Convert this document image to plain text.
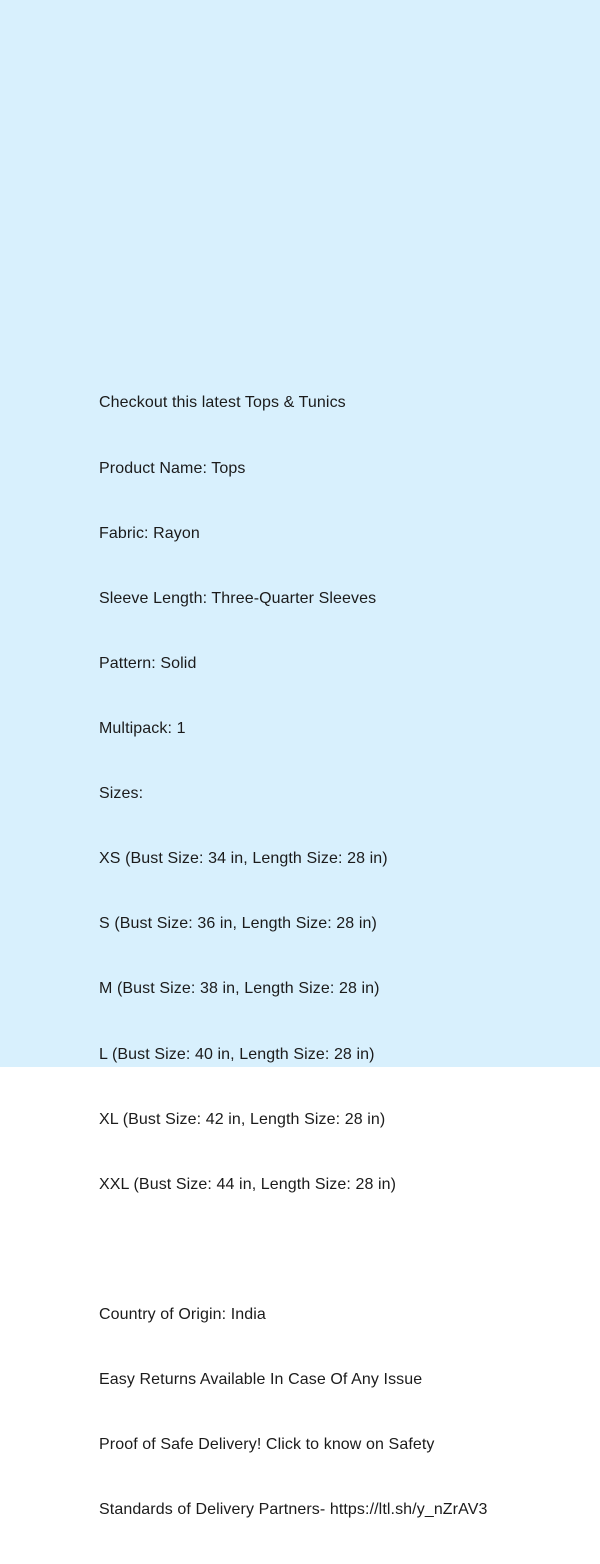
Checkout this latest Tops & Tunics

Product Name: Tops

Fabric: Rayon

Sleeve Length: Three-Quarter Sleeves

Pattern: Solid

Multipack: 1

Sizes:

XS (Bust Size: 34 in, Length Size: 28 in)

S (Bust Size: 36 in, Length Size: 28 in)

M (Bust Size: 38 in, Length Size: 28 in)

L (Bust Size: 40 in, Length Size: 28 in)

XL (Bust Size: 42 in, Length Size: 28 in)

XXL (Bust Size: 44 in, Length Size: 28 in)

Country of Origin: India

Easy Returns Available In Case Of Any Issue

Proof of Safe Delivery! Click to know on Safety

Standards of Delivery Partners- https://ltl.sh/y_nZrAV3
